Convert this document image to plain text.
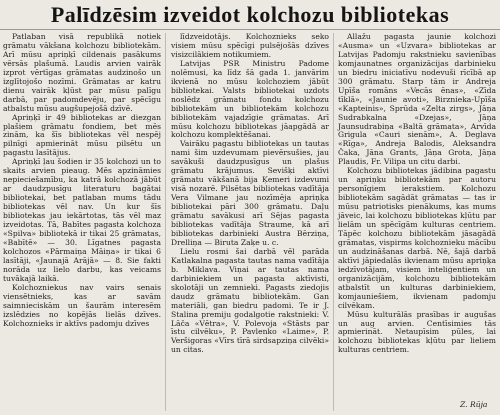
Palīdzēsim izveidot kolchozu bibliotekas

Patlaban visā republikā notiek grāmatu vākšana kolchozu bibliotekām. Arī mūsu apriņķī cildenais pasākums vērsās plašumā. Laudis arvien vairāk izprot vērtīgas grāmatas audzinošo un izglītojošo nozīmi. Grāmatas ar katru dienu vairāk kļūst par mūsu palīgu darbā, par padomdevēju, par spēcīgu atbalstu mūsu augšupejošā dzīvē.

Apriņķī ir 49 bibliotekas ar diezgan plašiem grāmatu fondiem, bet mēs zinām, ka šīs bibliotekas vēl nespēj pilnīgi apmierināt mūsu pilsētu un pagastu lasītājus.

Apriņķī ļau šodien ir 35 kolchozi un to skaits arvien pieaug. Mēs apzināmies nepieciešamību, ka katrā kolchozā jābūt ar daudzpusīgu literaturu bagātai bibliotekai, bet patlaban mums tādu bibliotekas vēl nav. Un kur šīs bibliotekas jau iekārtotas, tās vēl maz izveidotas. Tā, Babītes pagasta kolchoza «Spilva» bibliotekā ir tikai 25 grāmatas, «Babītē» — 30. Līgatnes pagasta kolchozos «Pārmaiņa Māiņa» ir tikai 6 lasītāji, «Jaunajā Arājā» — 8. Sie fakti norāda uz lielo darbu, kas veicams tuvākajā laikā.

Kolchozniekus nav vairs senais viensētnieks, kas ar savām saimnieciskām un šaurām interesēm izslēdzies no kopējās lielās dzīves. Kolchoznieks ir aktīvs padomju dzīves

līdzveidotājs. Kolchoznieks seko visiem mūsu spēcīgi pulsējošās dzīves visizcilākiem notikumiem.

Latvijas PSR Ministru Padome nolēmusi, ka līdz šā gada 1. janvārim ikvienā no mūsu kolchoziem jābūt bibliotekai. Valsts bibliotekai uzdots noslēdz grāmatu fondu kolchozu bibliotekām un bibliotekām kolchozu bibliotekām vajadzīgie grāmatas. Arī mūsu kolchozu bibliotekas jāapgādā ar kolchozu komplektēšanai.

Vairāku pagastu bibliotekas un tautas nami šim uzdevumam pievērsušies, jau savākuši daudzpusīgus un plašus grāmatu krājumus. Sevišķi aktīvi grāmatu vākšanā bija Ķemeri izdevumi visā nozarē. Pilsētas bibliotekas vadītāja Vera Vilmane jau nozīmēja apriņķa bibliotekai pāri 300 grāmatu. Daļu grāmatu savākusi arī Sējas pagasta bibliotekas vadītāja Straume, kā arī bibliotekas darbinieki Austra Bērziņa, Drelliņa — Biruta Zaķe u. c.

Lielu rosmi šai darbā vēl parāda Katlakalna pagasta tautas nama vadītāja b. Miklava. Viņai ar tautas nama darbiniekiem un pagasta aktīvisti, skolotāji un zemnieki. Pagasts ziedojis daudz grāmatu bibliotekām. Gan materiāli, gan biedru padomi. Te ir J. Stalina premiju godalgotie rakstnieki: V. Lāča «Vētra», V. Polevoja «Stāsts par īstu cilvēku», P. Pavlenko «Laime», P. Veršigoras «Vīrs tīrā sirdsapziņa cilvēki» un citas.

Allažu pagasta jaunie kolchozi «Ausma» un «Uzvara» bibliotekas ar Latvijas Padomju rakstnieku savienības komjaunatnes organizācijas darbinieku un biedru iniciatīvu nodevuši rīcībā ap 300 grāmatu. Starp tām ir Andreja Upīša romāns «Vecās ēnas», «Zīda tīklā», «Jaunie avoti», Birznieka-Upīša «Kapteinis», Sprūda «Zelta zirgs», Jāņa Sudrabkalna «Dzejas», Jāņa Jaunsudrabiņa «Baltā grāmata», Arvīda Grigula «Cauri sienām», A. Deglava «Rīga», Andreja Balodis, Aleksandra Čaka, Jāna Grants, Jāņa Grota, Jāņa Plaudis, Fr. Vilipa un citu darbi.

Kolchozu bibliotekas jādibina pagastu un apriņķu bibliotekām par autoru personīgiem ierakstiem. Kolchozu bibliotekām sagādāt grāmatas — tas ir mūsu patriotisks pienākums, kas mums jāveic, lai kolchozu bibliotekas kļūtu par lielām un spēcīgām kulturas centriem. Tāpēc kolchozu bibliotekām jāsagādā grāmatas, vispirms kolchoznieku mācību un audzināšanas darbā. Nē, šajā darbā aktīvi jāpiedalās ikvienam mūsu apriņķa iedzīvotājam, visiem inteliģentiem un organizācijām, kolchozu bibliotekām atbalstīt un kulturas darbiniekiem, komjauniešiem, ikvienam padomju cilvēkam.

Mūsu kulturālās prasības ir augušas un aug arvien. Centīsimies tās apmierināt. Netaupīsim pūles, lai kolchozu bibliotekas kļūtu par lieliem kulturas centriem.

Z. Rūja
